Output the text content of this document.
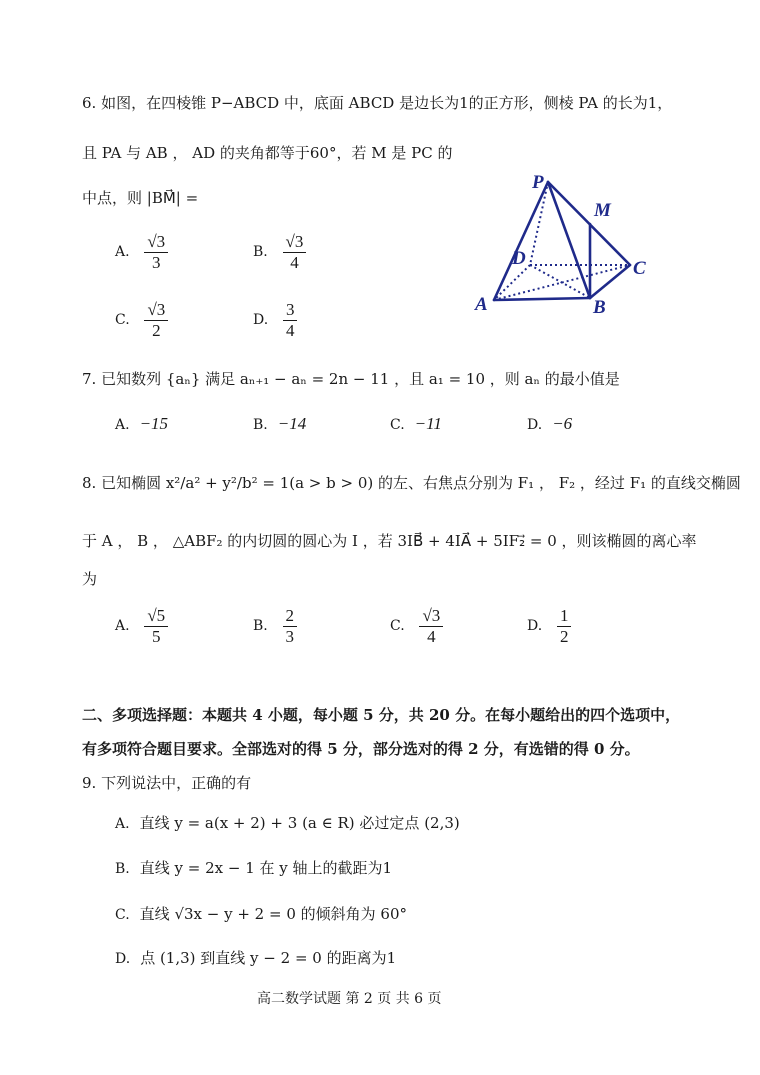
6. 如图，在四棱锥 P−ABCD 中，底面 ABCD 是边长为1的正方形，侧棱 PA 的长为1，
且 PA 与 AB ， AD 的夹角都等于60°，若 M 是 PC 的
中点，则 |BM⃗| =
A. $\frac{√3}{3}$	B. $\frac{√3}{4}$
C. $\frac{√3}{2}$	D. $\frac{3}{4}$
P
M
D	C
A	B
7. 已知数列 {aₙ} 满足 aₙ₊₁ − aₙ = 2n − 11 ，且 a₁ = 10 ，则 aₙ 的最小值是
A. −15	B. −14	C. −11	D. −6
8. 已知椭圆 x²/a² + y²/b² = 1(a > b > 0) 的左、右焦点分别为 F₁ ， F₂ ，经过 F₁ 的直线交椭圆
于 A ， B ， △ABF₂ 的内切圆的圆心为 I ，若 3IB⃗ + 4IA⃗ + 5IF₂⃗ = 0 ，则该椭圆的离心率
为
A. $\frac{√5}{5}$	B. $\frac{2}{3}$	C. $\frac{√3}{4}$	D. $\frac{1}{2}$
二、多项选择题：本题共 4 小题，每小题 5 分，共 20 分。在每小题给出的四个选项中，
有多项符合题目要求。全部选对的得 5 分，部分选对的得 2 分，有选错的得 0 分。
9. 下列说法中，正确的有
A. 直线 y = a(x + 2) + 3 (a ∈ R) 必过定点 (2,3)
B. 直线 y = 2x − 1 在 y 轴上的截距为1
C. 直线 √3x − y + 2 = 0 的倾斜角为 60°
D. 点 (1,3) 到直线 y − 2 = 0 的距离为1
高二数学试题 第 2 页 共 6 页
